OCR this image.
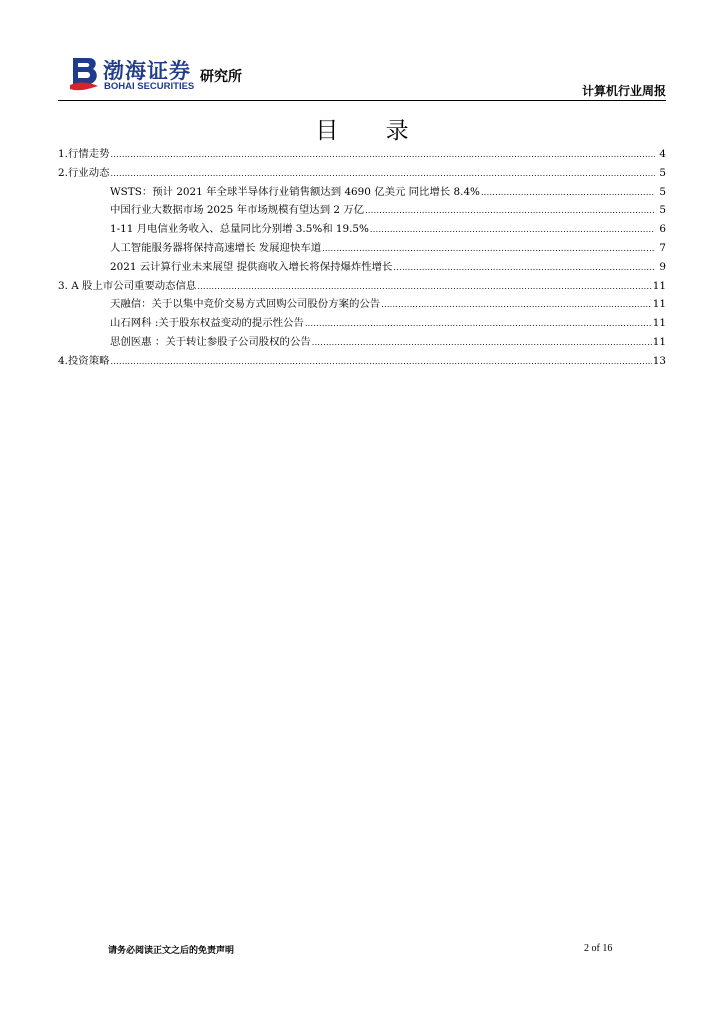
渤海证券
BOHAI SECURITIES
研究所
计算机行业周报
目 录
1.行情走势 .....	4
2.行业动态 .....	5
WSTS：预计 2021 年全球半导体行业销售额达到 4690 亿美元 同比增长 8.4% .....	5
中国行业大数据市场 2025 年市场规模有望达到 2 万亿 .....	5
1-11 月电信业务收入、总量同比分别增 3.5%和 19.5% .....	6
人工智能服务器将保持高速增长 发展迎快车道 .....	7
2021 云计算行业未来展望 提供商收入增长将保持爆炸性增长 .....	9
3. A 股上市公司重要动态信息 .....	11
天融信：关于以集中竞价交易方式回购公司股份方案的公告 .....	11
山石网科 :关于股东权益变动的提示性公告 .....	11
思创医惠 ：关于转让参股子公司股权的公告 .....	11
4.投资策略 .....	13
请务必阅读正文之后的免责声明	2 of 16
